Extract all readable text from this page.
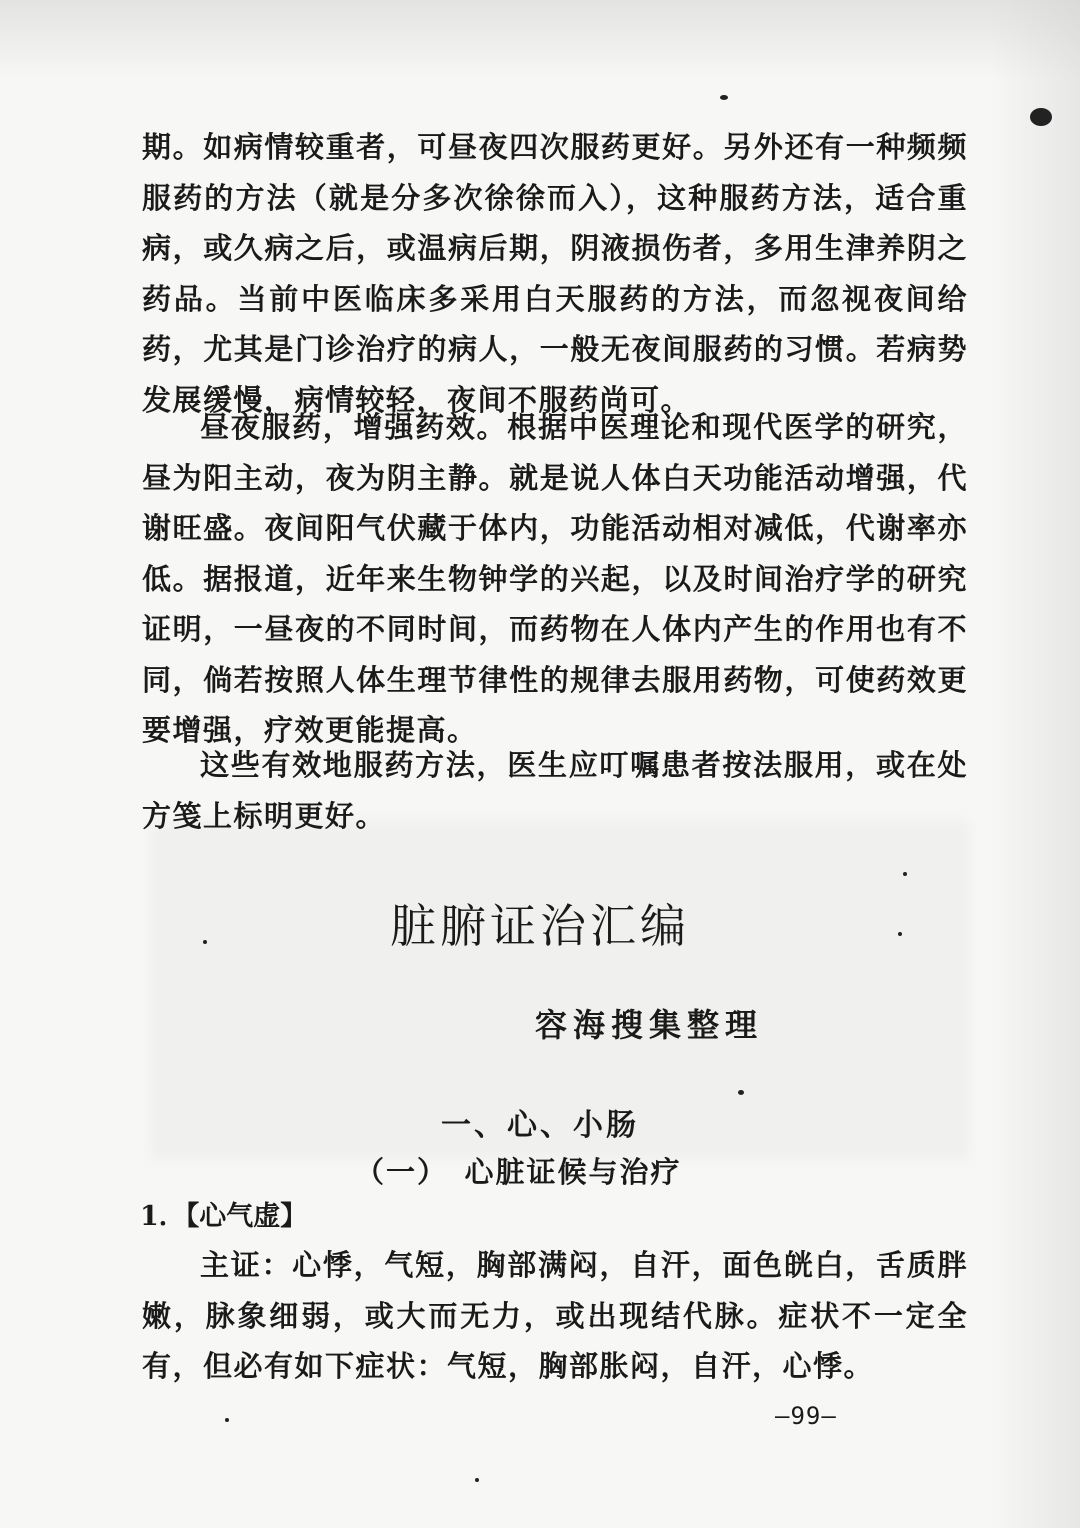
期。如病情较重者，可昼夜四次服药更好。另外还有一种频频服药的方法（就是分多次徐徐而入），这种服药方法，适合重病，或久病之后，或温病后期，阴液损伤者，多用生津养阴之药品。当前中医临床多采用白天服药的方法，而忽视夜间给药，尤其是门诊治疗的病人，一般无夜间服药的习惯。若病势发展缓慢，病情较轻，夜间不服药尚可。

昼夜服药，增强药效。根据中医理论和现代医学的研究，昼为阳主动，夜为阴主静。就是说人体白天功能活动增强，代谢旺盛。夜间阳气伏藏于体内，功能活动相对减低，代谢率亦低。据报道，近年来生物钟学的兴起，以及时间治疗学的研究证明，一昼夜的不同时间，而药物在人体内产生的作用也有不同，倘若按照人体生理节律性的规律去服用药物，可使药效更要增强，疗效更能提高。

这些有效地服药方法，医生应叮嘱患者按法服用，或在处方笺上标明更好。

脏腑证治汇编

容海搜集整理

一、心、小肠
（一）　心脏证候与治疗

1．【心气虚】

主证：心悸，气短，胸部满闷，自汗，面色㿠白，舌质胖嫩，脉象细弱，或大而无力，或出现结代脉。症状不一定全有，但必有如下症状：气短，胸部胀闷，自汗，心悸。

—99—
